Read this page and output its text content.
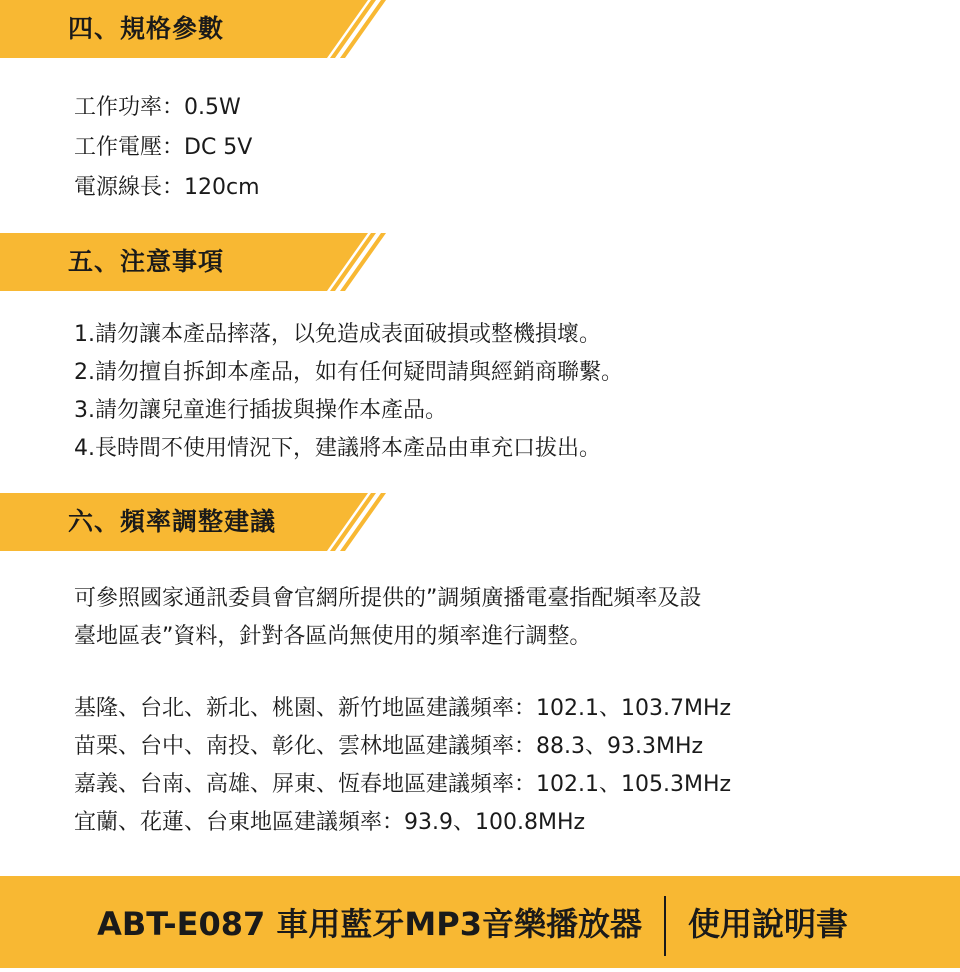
四、規格參數

工作功率：0.5W

工作電壓：DC 5V

電源線長：120cm

五、注意事項

1.請勿讓本產品摔落，以免造成表面破損或整機損壞。

2.請勿擅自拆卸本產品，如有任何疑問請與經銷商聯繫。

3.請勿讓兒童進行插拔與操作本產品。

4.長時間不使用情況下，建議將本產品由車充口拔出。

六、頻率調整建議

可參照國家通訊委員會官網所提供的”調頻廣播電臺指配頻率及設

臺地區表”資料，針對各區尚無使用的頻率進行調整。

基隆、台北、新北、桃園、新竹地區建議頻率：102.1、103.7MHz

苗栗、台中、南投、彰化、雲林地區建議頻率：88.3、93.3MHz

嘉義、台南、高雄、屏東、恆春地區建議頻率：102.1、105.3MHz

宜蘭、花蓮、台東地區建議頻率：93.9、100.8MHz

ABT-E087 車用藍牙MP3音樂播放器 使用說明書
